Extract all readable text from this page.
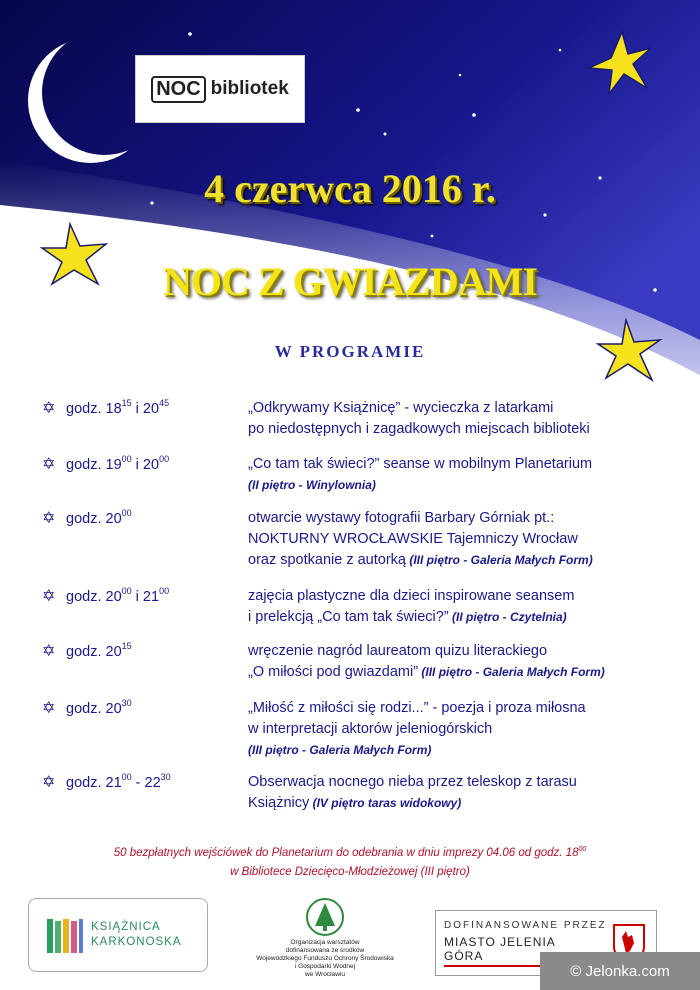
NOC bibliotek
4 czerwca 2016 r.
NOC Z GWIAZDAMI
W PROGRAMIE
✡ godz. $18^{15}$ i $20^{45}$	„Odkrywamy Książnicę” - wycieczka z latarkami
po niedostępnych i zagadkowych miejscach biblioteki
✡ godz. $19^{00}$ i $20^{00}$	„Co tam tak świeci?” seanse w mobilnym Planetarium
(II piętro - Winylownia)
✡ godz. $20^{00}$	otwarcie wystawy fotografii Barbary Górniak pt.:
NOKTURNY WROCŁAWSKIE Tajemniczy Wrocław
oraz spotkanie z autorką (III piętro - Galeria Małych Form)
✡ godz. $20^{00}$ i $21^{00}$	zajęcia plastyczne dla dzieci inspirowane seansem
i prelekcją „Co tam tak świeci?” (II piętro - Czytelnia)
✡ godz. $20^{15}$	wręczenie nagród laureatom quizu literackiego
„O miłości pod gwiazdami” (III piętro - Galeria Małych Form)
✡ godz. $20^{30}$	„Miłość z miłości się rodzi...” - poezja i proza miłosna
w interpretacji aktorów jeleniogórskich
(III piętro - Galeria Małych Form)
✡ godz. $21^{00} - 22^{30}$	Obserwacja nocnego nieba przez teleskop z tarasu
Książnicy (IV piętro taras widokowy)
50 bezpłatnych wejściówek do Planetarium do odebrania w dniu imprezy 04.06 od godz. $18^{00}$
w Bibliotece Dziecięco-Młodzieżowej (III piętro)
KSIĄŻNICA
KARKONOSKA	Organizacja warsztatów
dofinansowana ze środków
Wojewódzkiego Funduszu Ochrony Środowiska
i Gospodarki Wodnej
we Wrocławiu
DOFINANSOWANE PRZEZ
MIASTO JELENIA GÓRA
© Jelonka.com
